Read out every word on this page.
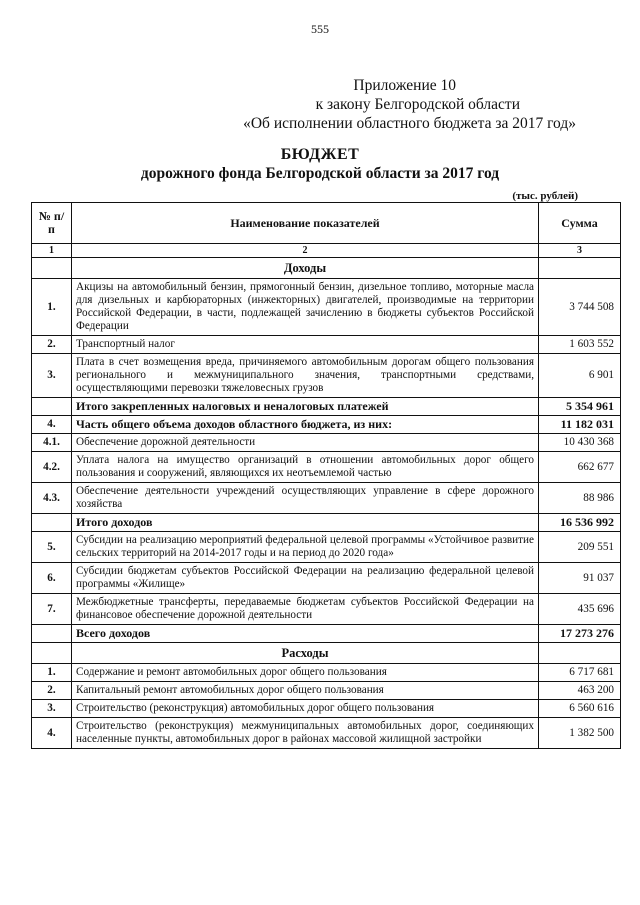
555
Приложение 10
к закону Белгородской области
«Об исполнении областного бюджета за 2017 год»
БЮДЖЕТ
дорожного фонда Белгородской области за 2017 год
(тыс. рублей)
№ п/п	Наименование показателей	Сумма
1	2	3
	Доходы	
1.	Акцизы на автомобильный бензин, прямогонный бензин, дизельное топливо, моторные масла для дизельных и карбюраторных (инжекторных) двигателей, производимые на территории Российской Федерации, в части, подлежащей зачислению в бюджеты субъектов Российской Федерации	3 744 508
2.	Транспортный налог	1 603 552
3.	Плата в счет возмещения вреда, причиняемого автомобильным дорогам общего пользования регионального и межмуниципального значения, транспортными средствами, осуществляющими перевозки тяжеловесных грузов	6 901
	Итого закрепленных налоговых и неналоговых платежей	5 354 961
4.	Часть общего объема доходов областного бюджета, из них:	11 182 031
4.1.	Обеспечение дорожной деятельности	10 430 368
4.2.	Уплата налога на имущество организаций в отношении автомобильных дорог общего пользования и сооружений, являющихся их неотъемлемой частью	662 677
4.3.	Обеспечение деятельности учреждений осуществляющих управление в сфере дорожного хозяйства	88 986
	Итого доходов	16 536 992
5.	Субсидии на реализацию мероприятий федеральной целевой программы «Устойчивое развитие сельских территорий на 2014-2017 годы и на период до 2020 года»	209 551
6.	Субсидии бюджетам субъектов Российской Федерации на реализацию федеральной целевой программы «Жилище»	91 037
7.	Межбюджетные трансферты, передаваемые бюджетам субъектов Российской Федерации на финансовое обеспечение дорожной деятельности	435 696
	Всего доходов	17 273 276
	Расходы	
1.	Содержание и ремонт автомобильных дорог общего пользования	6 717 681
2.	Капитальный ремонт автомобильных дорог общего пользования	463 200
3.	Строительство (реконструкция) автомобильных дорог общего пользования	6 560 616
4.	Строительство (реконструкция) межмуниципальных автомобильных дорог, соединяющих населенные пункты, автомобильных дорог в районах массовой жилищной застройки	1 382 500
